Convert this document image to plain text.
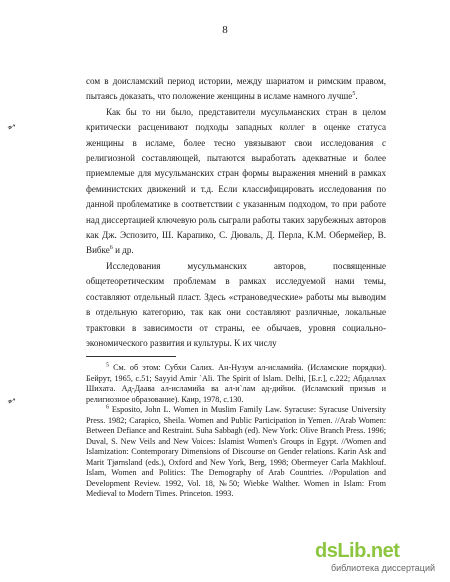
8

сом в доисламский период истории, между шариатом и римским правом, пытаясь доказать, что положение женщины в исламе намного лучше$^5$.

Как бы то ни было, представители мусульманских стран в целом критически расценивают подходы западных коллег в оценке статуса женщины в исламе, более тесно увязывают свои исследования с религиозной составляющей, пытаются выработать адекватные и более приемлемые для мусульманских стран формы выражения мнений в рамках феминистских движений и т.д. Если классифицировать исследования по данной проблематике в соответствии с указанным подходом, то при работе над диссертацией ключевую роль сыграли работы таких зарубежных авторов как Дж. Эспозито, Ш. Карапико, С. Дюваль, Д. Перла, К.М. Обермейер, В. Вибке$^6$ и др.

Исследования мусульманских авторов, посвященные общетеоретическим проблемам в рамках исследуемой нами темы, составляют отдельный пласт. Здесь «страноведческие» работы мы выводим в отдельную категорию, так как они составляют различные, локальные трактовки в зависимости от страны, ее обычаев, уровня социально-экономического развития и культуры. К их числу

$^5$ См. об этом: Субхи Салих. Ан-Нузум ал-исламийа. (Исламские порядки). Бейрут, 1965, с.51; Sayyid Amir `Ali. The Spirit of Islam. Delhi, [Б.г.], с.222; Абдаллах Шихата. Ад-Даава ал-исламийа ва ал-и`лам ад-дийни. (Исламский призыв и религиозное образование). Каир, 1978, с.130.

$^6$ Esposito, John L. Women in Muslim Family Law. Syracuse: Syracuse University Press. 1982; Carapico, Sheila. Women and Public Participation in Yemen. //Arab Women: Between Defiance and Restraint. Suha Sabbagh (ed). New York: Olive Branch Press. 1996; Duval, S. New Veils and New Voices: Islamist Women's Groups in Egypt. //Women and Islamization: Contemporary Dimensions of Discourse on Gender relations. Karin Ask and Marit Tjørnsland (eds.), Oxford and New York, Berg, 1998; Obermeyer Carla Makhlouf. Islam, Women and Politics: The Demography of Arab Countries. //Population and Development Review. 1992, Vol. 18, №50; Wiebke Walther. Women in Islam: From Medieval to Modern Times. Princeton. 1993.

➶
➶
dsLib.net
библиотека диссертаций
